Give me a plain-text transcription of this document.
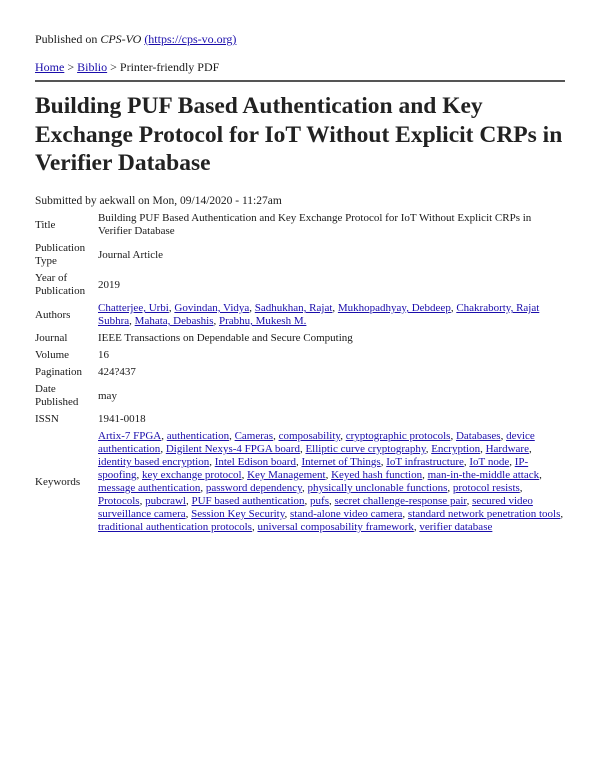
Published on CPS-VO (https://cps-vo.org)
Home > Biblio > Printer-friendly PDF
Building PUF Based Authentication and Key Exchange Protocol for IoT Without Explicit CRPs in Verifier Database
Submitted by aekwall on Mon, 09/14/2020 - 11:27am
Title	Building PUF Based Authentication and Key Exchange Protocol for IoT Without Explicit CRPs in Verifier Database
Publication Type	Journal Article
Year of Publication	2019
Authors	Chatterjee, Urbi, Govindan, Vidya, Sadhukhan, Rajat, Mukhopadhyay, Debdeep, Chakraborty, Rajat Subhra, Mahata, Debashis, Prabhu, Mukesh M.
Journal	IEEE Transactions on Dependable and Secure Computing
Volume	16
Pagination	424?437
Date Published	may
ISSN	1941-0018
Keywords	Artix-7 FPGA, authentication, Cameras, composability, cryptographic protocols, Databases, device authentication, Digilent Nexys-4 FPGA board, Elliptic curve cryptography, Encryption, Hardware, identity based encryption, Intel Edison board, Internet of Things, IoT infrastructure, IoT node, IP-spoofing, key exchange protocol, Key Management, Keyed hash function, man-in-the-middle attack, message authentication, password dependency, physically unclonable functions, protocol resists, Protocols, pubcrawl, PUF based authentication, pufs, secret challenge-response pair, secured video surveillance camera, Session Key Security, stand-alone video camera, standard network penetration tools, traditional authentication protocols, universal composability framework, verifier database
